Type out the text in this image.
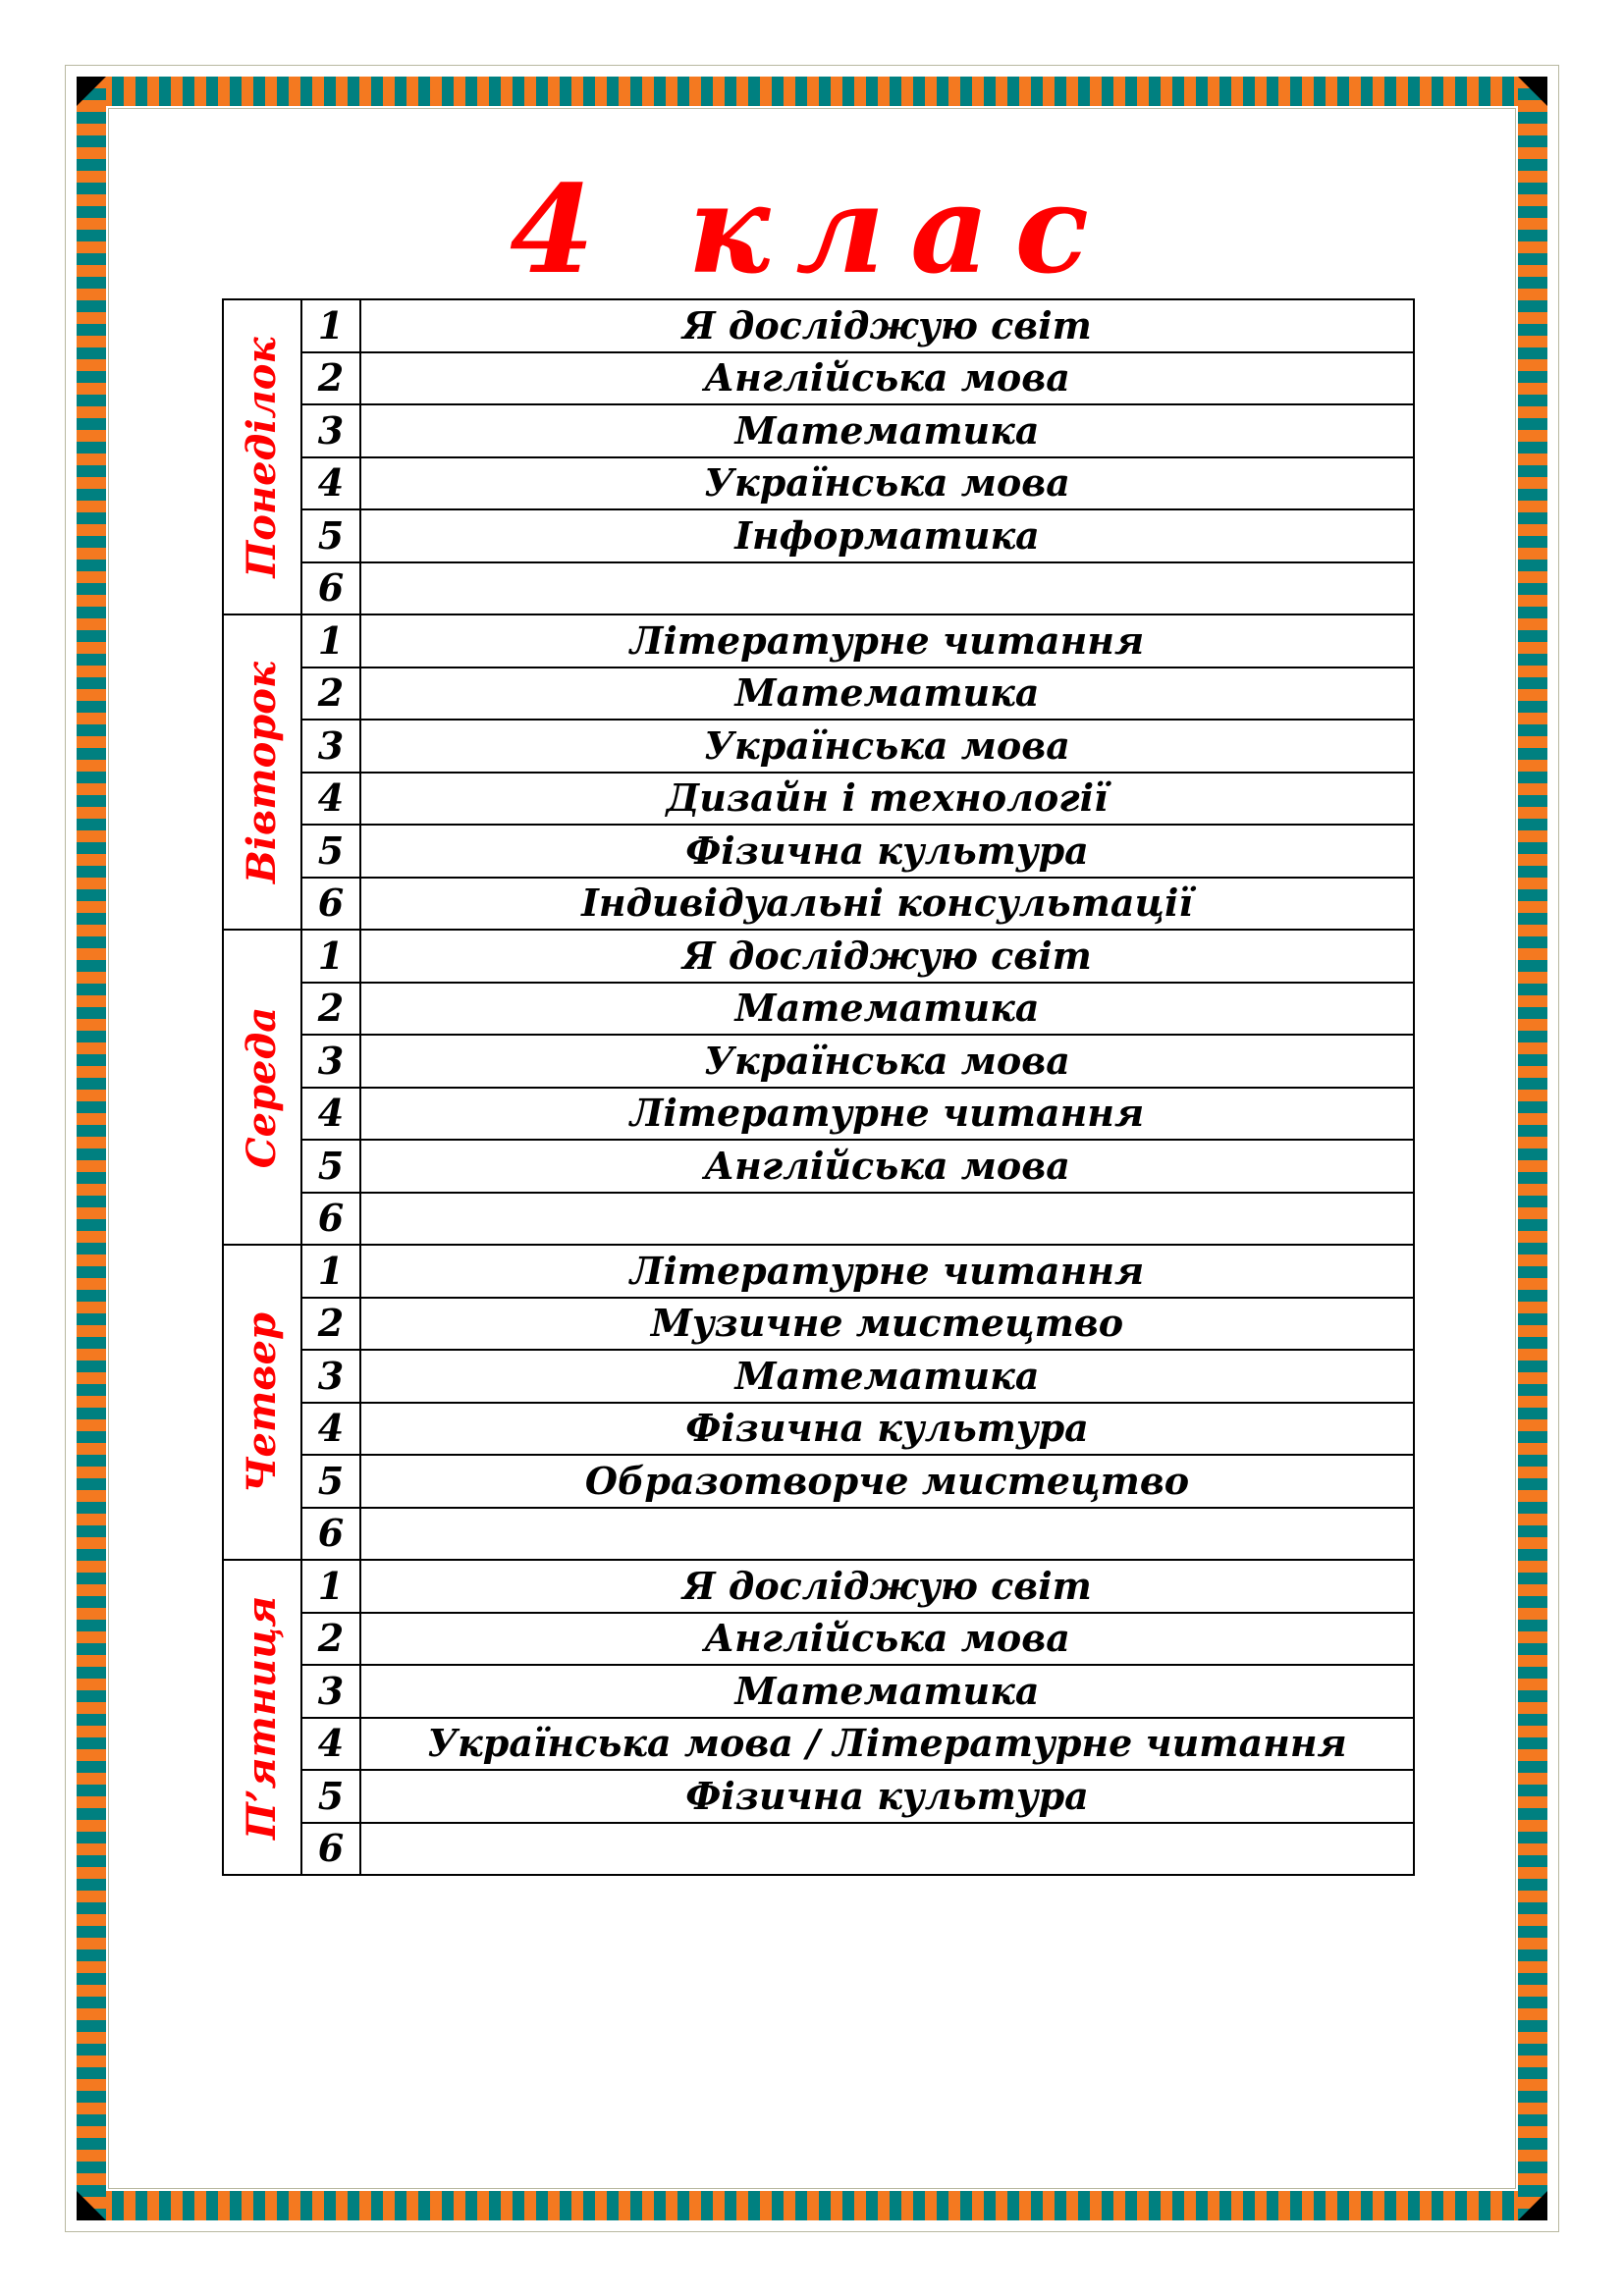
4 клас
Понеділок	1	Я досліджую світ
	2	Англійська мова
	3	Математика
	4	Українська мова
	5	Інформатика
	6	

Вівторок	1	Літературне читання
	2	Математика
	3	Українська мова
	4	Дизайн і технології
	5	Фізична культура
	6	Індивідуальні консультації

Середа	1	Я досліджую світ
	2	Математика
	3	Українська мова
	4	Літературне читання
	5	Англійська мова
	6	

Четвер	1	Літературне читання
	2	Музичне мистецтво
	3	Математика
	4	Фізична культура
	5	Образотворче мистецтво
	6	

П’ятниця	1	Я досліджую світ
	2	Англійська мова
	3	Математика
	4	Українська мова / Літературне читання
	5	Фізична культура
	6	
